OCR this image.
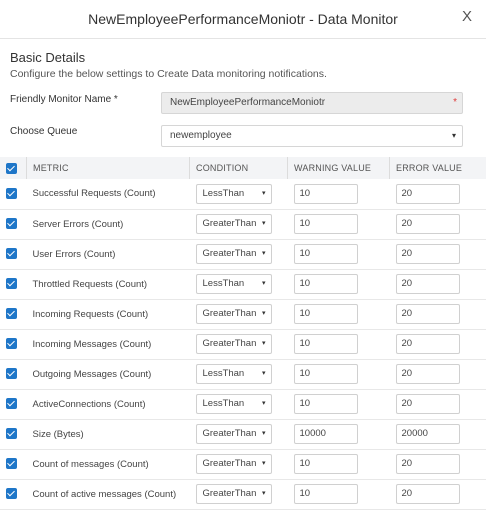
NewEmployeePerformanceMoniotr - Data Monitor	X
Basic Details
Configure the below settings to Create Data monitoring notifications.
Friendly Monitor Name *	NewEmployeePerformanceMoniotr	*
Choose Queue	newemployee	▾
	METRIC	CONDITION	WARNING VALUE	ERROR VALUE
	Successful Requests (Count)	LessThan ▾	10	20

	Server Errors (Count)	GreaterThan ▾	10	20

	User Errors (Count)	GreaterThan ▾	10	20

	Throttled Requests (Count)	LessThan ▾	10	20

	Incoming Requests (Count)	GreaterThan ▾	10	20

	Incoming Messages (Count)	GreaterThan ▾	10	20

	Outgoing Messages (Count)	LessThan ▾	10	20

	ActiveConnections (Count)	LessThan ▾	10	20

	Size (Bytes)	GreaterThan ▾	10000	20000

	Count of messages (Count)	GreaterThan ▾	10	20

	Count of active messages (Count)	GreaterThan ▾	10	20
